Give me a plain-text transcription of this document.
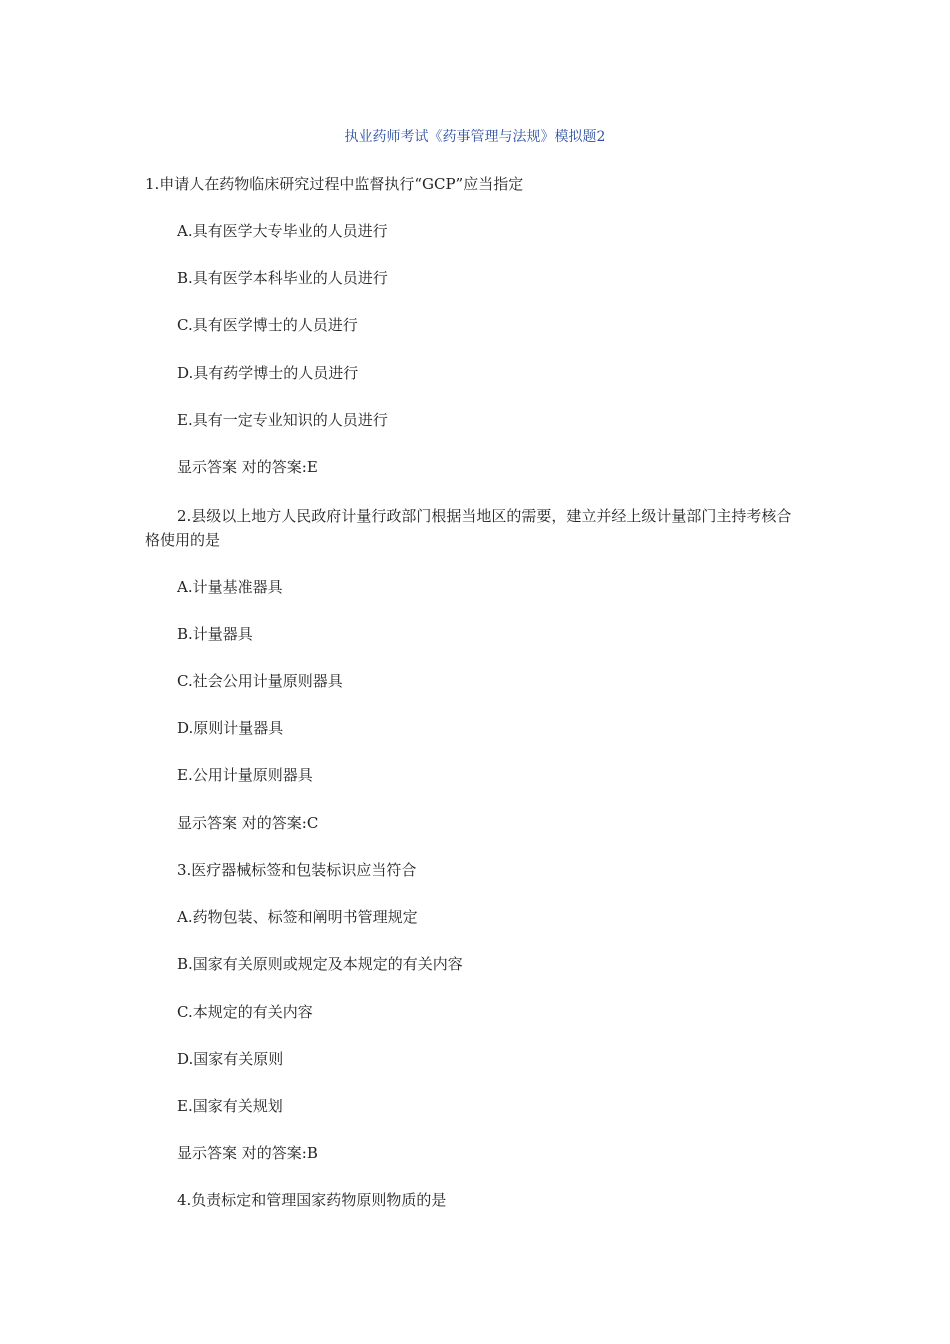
执业药师考试《药事管理与法规》模拟题2
1.申请人在药物临床研究过程中监督执行“GCP”应当指定
A.具有医学大专毕业的人员进行
B.具有医学本科毕业的人员进行
C.具有医学博士的人员进行
D.具有药学博士的人员进行
E.具有一定专业知识的人员进行
显示答案 对的答案:E
2.县级以上地方人民政府计量行政部门根据当地区的需要，建立并经上级计量部门主持考核合格使用的是
A.计量基准器具
B.计量器具
C.社会公用计量原则器具
D.原则计量器具
E.公用计量原则器具
显示答案 对的答案:C
3.医疗器械标签和包装标识应当符合
A.药物包装、标签和阐明书管理规定
B.国家有关原则或规定及本规定的有关内容
C.本规定的有关内容
D.国家有关原则
E.国家有关规划
显示答案 对的答案:B
4.负责标定和管理国家药物原则物质的是
